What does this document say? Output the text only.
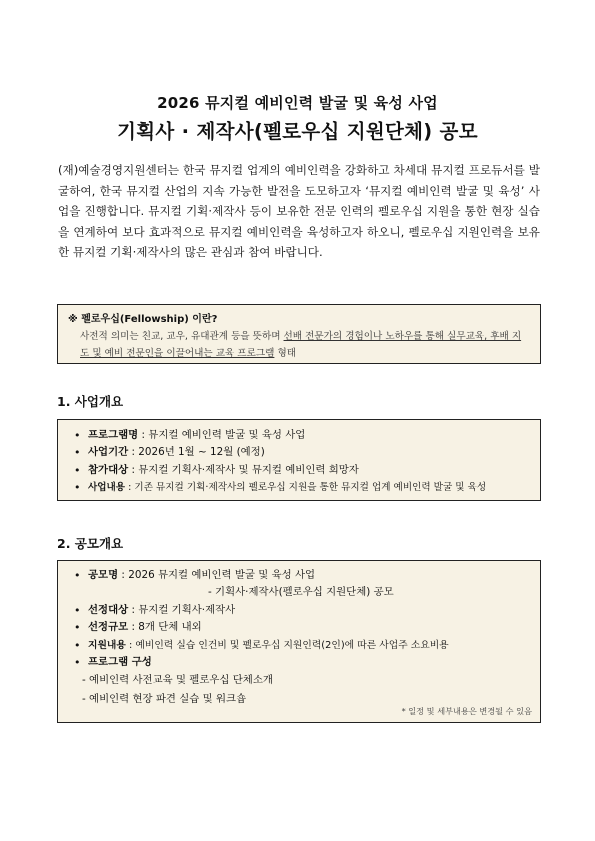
2026 뮤지컬 예비인력 발굴 및 육성 사업
기획사 · 제작사(펠로우십 지원단체) 공모

(재)예술경영지원센터는 한국 뮤지컬 업계의 예비인력을 강화하고 차세대 뮤지컬 프로듀서를 발굴하여, 한국 뮤지컬 산업의 지속 가능한 발전을 도모하고자 ‘뮤지컬 예비인력 발굴 및 육성’ 사업을 진행합니다. 뮤지컬 기획·제작사 등이 보유한 전문 인력의 펠로우십 지원을 통한 현장 실습을 연계하여 보다 효과적으로 뮤지컬 예비인력을 육성하고자 하오니, 펠로우십 지원인력을 보유한 뮤지컬 기획·제작사의 많은 관심과 참여 바랍니다.

※ 펠로우십(Fellowship) 이란?
사전적 의미는 친교, 교우, 유대관계 등을 뜻하며 선배 전문가의 경험이나 노하우를 통해 실무교육, 후배 지도 및 예비 전문인을 이끌어내는 교육 프로그램 형태
1. 사업개요
• 프로그램명 : 뮤지컬 예비인력 발굴 및 육성 사업
• 사업기간 : 2026년 1월 ~ 12월 (예정)
• 참가대상 : 뮤지컬 기획사·제작사 및 뮤지컬 예비인력 희망자
• 사업내용 : 기존 뮤지컬 기획·제작사의 펠로우십 지원을 통한 뮤지컬 업계 예비인력 발굴 및 육성
2. 공모개요
• 공모명 : 2026 뮤지컬 예비인력 발굴 및 육성 사업
- 기획사·제작사(펠로우십 지원단체) 공모
• 선정대상 : 뮤지컬 기획사·제작사
• 선정규모 : 8개 단체 내외
• 지원내용 : 예비인력 실습 인건비 및 펠로우십 지원인력(2인)에 따른 사업주 소요비용
• 프로그램 구성
- 예비인력 사전교육 및 펠로우십 단체소개
- 예비인력 현장 파견 실습 및 워크숍
* 일정 및 세부내용은 변경될 수 있음
